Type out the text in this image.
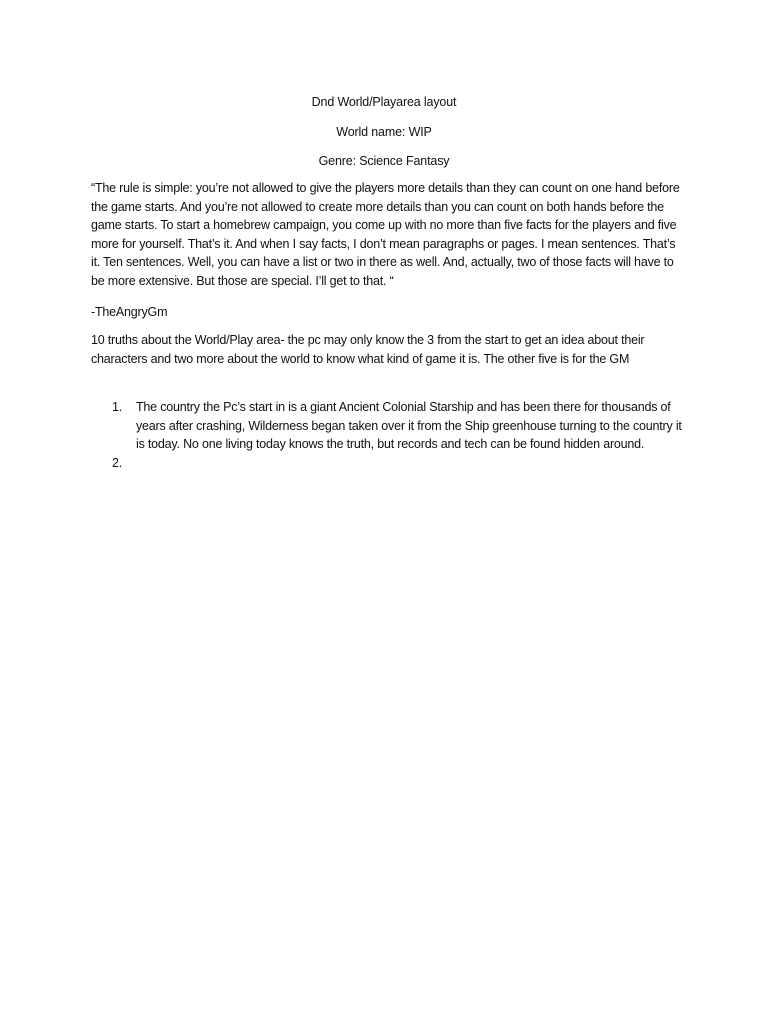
Dnd World/Playarea layout
World name: WIP
Genre: Science Fantasy

“The rule is simple: you’re not allowed to give the players more details than they can count on one hand before the game starts. And you’re not allowed to create more details than you can count on both hands before the game starts. To start a homebrew campaign, you come up with no more than five facts for the players and five more for yourself. That’s it. And when I say facts, I don’t mean paragraphs or pages. I mean sentences. That’s it. Ten sentences. Well, you can have a list or two in there as well. And, actually, two of those facts will have to be more extensive. But those are special. I’ll get to that. “

-TheAngryGm

10 truths about the World/Play area- the pc may only know the 3 from the start to get an idea about their characters and two more about the world to know what kind of game it is. The other five is for the GM

1. The country the Pc’s start in is a giant Ancient Colonial Starship and has been there for thousands of years after crashing, Wilderness began taken over it from the Ship greenhouse turning to the country it is today. No one living today knows the truth, but records and tech can be found hidden around.
2.
